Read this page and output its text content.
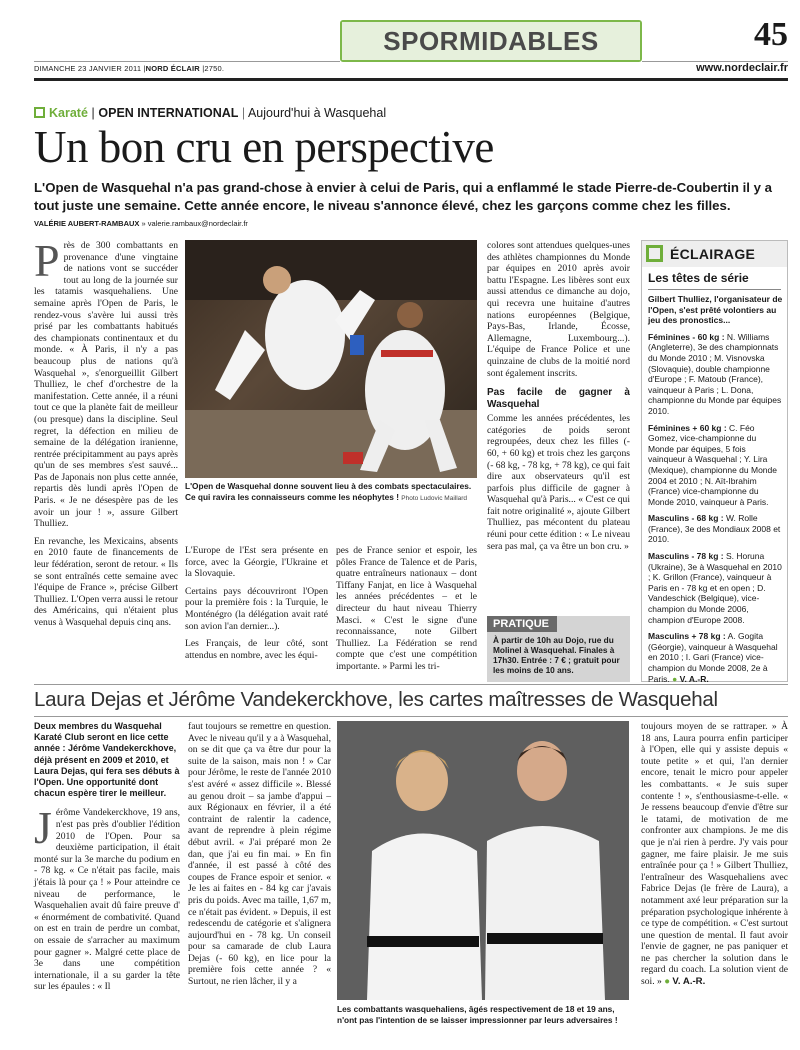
SPORMIDABLES	45
DIMANCHE 23 JANVIER 2011 |NORD ÉCLAIR |2750.	www.nordeclair.fr
Karaté | OPEN INTERNATIONAL | Aujourd'hui à Wasquehal
Un bon cru en perspective
L'Open de Wasquehal n'a pas grand-chose à envier à celui de Paris, qui a enflammé le stade Pierre-de-Coubertin il y a tout juste une semaine. Cette année encore, le niveau s'annonce élevé, chez les garçons comme chez les filles.
VALÉRIE AUBERT-RAMBAUX » valerie.rambaux@nordeclair.fr
P rès de 300 combattants en provenance d'une vingtaine de nations vont se succéder tout au long de la journée sur les tatamis wasquehaliens. Une semaine après l'Open de Paris, le rendez-vous s'avère lui aussi très prisé par les combattants habitués des championats continentaux et du monde. « À Paris, il n'y a pas beaucoup plus de nations qu'à Wasquehal », s'enorgueillit Gilbert Thulliez, le chef d'orchestre de la manifestation. Cette année, il a réuni tout ce que la planète fait de meilleur (ou presque) dans la discipline. Seul regret, la défection en milieu de semaine de la délégation iranienne, rentrée précipitamment au pays après qu'un de ses membres s'est sauvé... Pas de Japonais non plus cette année, repartis dès lundi après l'Open de Paris. « Je ne désespère pas de les avoir un jour ! », assure Gilbert Thulliez.

En revanche, les Mexicains, absents en 2010 faute de financements de leur fédération, seront de retour. « Ils se sont entraînés cette semaine avec l'équipe de France », précise Gilbert Thulliez. L'Open verra aussi le retour des Américains, qui n'étaient plus venus à Wasquehal depuis cinq ans.

L'Open de Wasquehal donne souvent lieu à des combats spectaculaires. Ce qui ravira les connaisseurs comme les néophytes ! Photo Ludovic Maillard

L'Europe de l'Est sera présente en force, avec la Géorgie, l'Ukraine et la Slovaquie.

Certains pays découvriront l'Open pour la première fois : la Turquie, le Monténégro (la délégation avait raté son avion l'an dernier...).

Les Français, de leur côté, sont attendus en nombre, avec les équi-

pes de France senior et espoir, les pôles France de Talence et de Paris, quatre entraîneurs nationaux – dont Tiffany Fanjat, en lice à Wasquehal les années précédentes – et le directeur du haut niveau Thierry Masci. « C'est le signe d'une reconnaissance, note Gilbert Thulliez. La Fédération se rend compte que c'est une compétition importante. » Parmi les tri-

colores sont attendues quelques-unes des athlètes championnes du Monde par équipes en 2010 après avoir battu l'Espagne. Les libères sont eux aussi attendus ce dimanche au dojo, qui recevra une huitaine d'autres nations européennes (Belgique, Pays-Bas, Irlande, Écosse, Allemagne, Luxembourg...). L'équipe de France Police et une quinzaine de clubs de la moitié nord sont également inscrits.

Pas facile de gagner à Wasquehal

Comme les années précédentes, les catégories de poids seront regroupées, deux chez les filles (- 60, + 60 kg) et trois chez les garçons (- 68 kg, - 78 kg, + 78 kg), ce qui fait dire aux observateurs qu'il est parfois plus difficile de gagner à Wasquehal qu'à Paris... « C'est ce qui fait notre originalité », ajoute Gilbert Thulliez, pas mécontent du plateau réuni pour cette édition : « Le niveau sera pas mal, ça va être un bon cru. »

PRATIQUE
À partir de 10h au Dojo, rue du Molinel à Wasquehal. Finales à 17h30. Entrée : 7 € ; gratuit pour les moins de 10 ans.
ÉCLAIRAGE
Les têtes de série

Gilbert Thulliez, l'organisateur de l'Open, s'est prêté volontiers au jeu des pronostics...

Féminines - 60 kg : N. Williams (Angleterre), 3e des championnats du Monde 2010 ; M. Visnovska (Slovaquie), double championne d'Europe ; F. Matoub (France), vainqueur à Paris ; L. Dona, championne du Monde par équipes 2010.

Féminines + 60 kg : C. Féo Gomez, vice-championne du Monde par équipes, 5 fois vainqueur à Wasquehal ; Y. Lira (Mexique), championne du Monde 2004 et 2010 ; N. Aït-Ibrahim (France) vice-championne du Monde 2010, vainqueur à Paris.

Masculins - 68 kg : W. Rolle (France), 3e des Mondiaux 2008 et 2010.

Masculins - 78 kg : S. Horuna (Ukraine), 3e à Wasquehal en 2010 ; K. Grillon (France), vainqueur à Paris en - 78 kg et en open ; D. Vandeschick (Belgique), vice-champion du Monde 2006, champion d'Europe 2008.

Masculins + 78 kg : A. Gogita (Géorgie), vainqueur à Wasquehal en 2010 ; I. Gari (France) vice-champion du Monde 2008, 2e à Paris. ● V. A.-R.

Laura Dejas et Jérôme Vandekerckhove, les cartes maîtresses de Wasquehal

Deux membres du Wasquehal Karaté Club seront en lice cette année : Jérôme Vandekerckhove, déjà présent en 2009 et 2010, et Laura Dejas, qui fera ses débuts à l'Open. Une opportunité dont chacun espère tirer le meilleur.

Jérôme Vandekerckhove, 19 ans, n'est pas près d'oublier l'édition 2010 de l'Open. Pour sa deuxième participation, il était monté sur la 3e marche du podium en - 78 kg. « Ce n'était pas facile, mais j'étais là pour ça ! » Pour atteindre ce niveau de performance, le Wasquehalien avait dû faire preuve d' « énormément de combativité. Quand on est en train de perdre un combat, on essaie de s'arracher au maximum pour gagner ». Malgré cette place de 3e dans une compétition internationale, il a su garder la tête sur les épaules : « Il

faut toujours se remettre en question. Avec le niveau qu'il y a à Wasquehal, on se dit que ça va être dur pour la suite de la saison, mais non ! » Car pour Jérôme, le reste de l'année 2010 s'est avéré « assez difficile ». Blessé au genou droit – sa jambe d'appui – aux Régionaux en février, il a été contraint de ralentir la cadence, avant de reprendre à plein régime début avril. « J'ai préparé mon 2e dan, que j'ai eu fin mai. » En fin d'année, il est passé à côté des coupes de France espoir et senior. « Je les ai faites en - 84 kg car j'avais pris du poids. Avec ma taille, 1,67 m, ce n'était pas évident. » Depuis, il est redescendu de catégorie et s'alignera aujourd'hui en - 78 kg. Un conseil pour sa camarade de club Laura Dejas (- 60 kg), en lice pour la première fois cette année ? « Surtout, ne rien lâcher, il y a

Les combattants wasquehaliens, âgés respectivement de 18 et 19 ans, n'ont pas l'intention de se laisser impressionner par leurs adversaires !

toujours moyen de se rattraper. » À 18 ans, Laura pourra enfin participer à l'Open, elle qui y assiste depuis « toute petite » et qui, l'an dernier encore, tenait le micro pour appeler les combattants. « Je suis super contente ! », s'enthousiasme-t-elle. « Je ressens beaucoup d'envie d'être sur le tatami, de motivation de me confronter aux champions. Je me dis que je n'ai rien à perdre. J'y vais pour gagner, me faire plaisir. Je me suis entraînée pour ça ! » Gilbert Thulliez, l'entraîneur des Wasquehaliens avec Fabrice Dejas (le frère de Laura), a notamment axé leur préparation sur la préparation psychologique inhérente à ce type de compétition. « C'est surtout une question de mental. Il faut avoir l'envie de gagner, ne pas paniquer et ne pas chercher la solution dans le regard du coach. La solution vient de soi. » ● V. A.-R.
